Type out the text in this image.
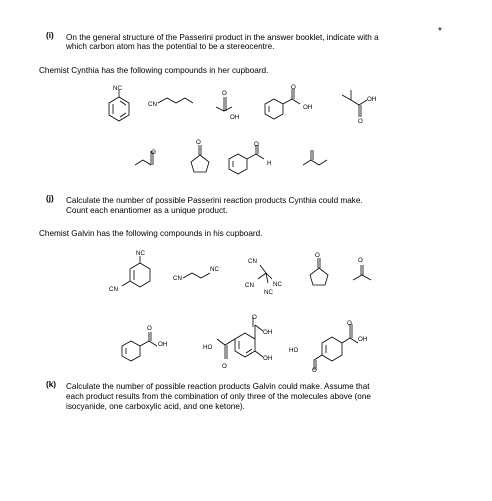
(i) On the general structure of the Passerini product in the answer booklet, indicate with a
*
which carbon atom has the potential to be a stereocentre.
Chemist Cynthia has the following compounds in her cupboard.
NC
CN
O
OH
O
OH
OH
O
O
O	O
H
(j) Calculate the number of possible Passerini reaction products Cynthia could make.
Count each enantiomer as a unique product.
Chemist Galvin has the following compounds in his cupboard.
NC
CN
CN
NC
CN
CN	NC
NC
O
O
O
OH
O
OH
OH
HO
O
O
OH
HO
O
(k) Calculate the number of possible reaction products Galvin could make. Assume that
each product results from the combination of only three of the molecules above (one
isocyanide, one carboxylic acid, and one ketone).
